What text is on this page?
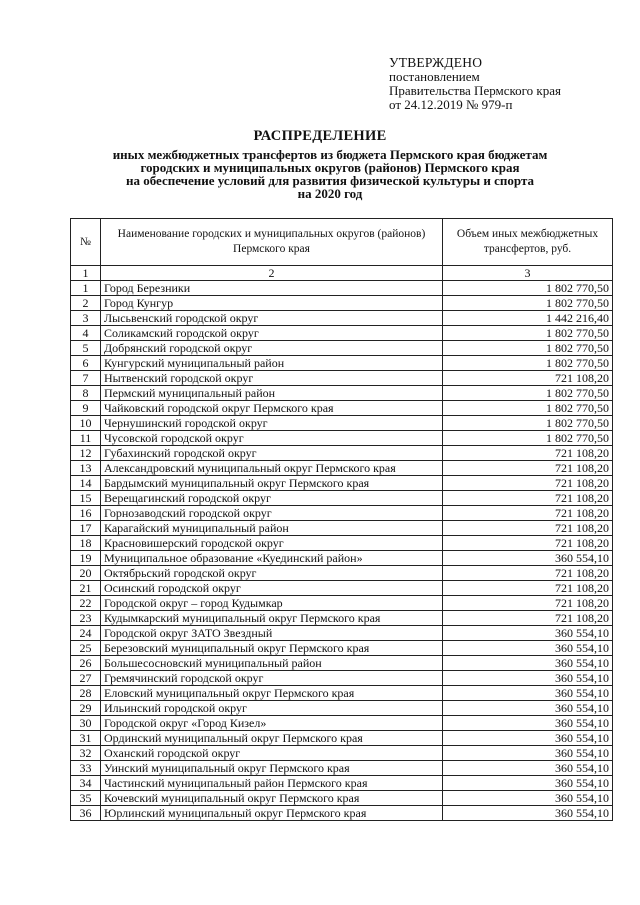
УТВЕРЖДЕНО
постановлением
Правительства Пермского края
от 24.12.2019 № 979-п
РАСПРЕДЕЛЕНИЕ
иных межбюджетных трансфертов из бюджета Пермского края бюджетам
городских и муниципальных округов (районов) Пермского края
на обеспечение условий для развития физической культуры и спорта
на 2020 год
№	Наименование городских и муниципальных округов (районов) Пермского края	Объем иных межбюджетных трансфертов, руб.
1	2	3
1	Город Березники	1 802 770,50
2	Город Кунгур	1 802 770,50
3	Лысьвенский городской округ	1 442 216,40
4	Соликамский городской округ	1 802 770,50
5	Добрянский городской округ	1 802 770,50
6	Кунгурский муниципальный район	1 802 770,50
7	Нытвенский городской округ	721 108,20
8	Пермский муниципальный район	1 802 770,50
9	Чайковский городской округ Пермского края	1 802 770,50
10	Чернушинский городской округ	1 802 770,50
11	Чусовской городской округ	1 802 770,50
12	Губахинский городской округ	721 108,20
13	Александровский муниципальный округ Пермского края	721 108,20
14	Бардымский муниципальный округ Пермского края	721 108,20
15	Верещагинский городской округ	721 108,20
16	Горнозаводский городской округ	721 108,20
17	Карагайский муниципальный район	721 108,20
18	Красновишерский городской округ	721 108,20
19	Муниципальное образование «Куединский район»	360 554,10
20	Октябрьский городской округ	721 108,20
21	Осинский городской округ	721 108,20
22	Городской округ – город Кудымкар	721 108,20
23	Кудымкарский муниципальный округ Пермского края	721 108,20
24	Городской округ ЗАТО Звездный	360 554,10
25	Березовский муниципальный округ Пермского края	360 554,10
26	Большесосновский муниципальный район	360 554,10
27	Гремячинский городской округ	360 554,10
28	Еловский муниципальный округ Пермского края	360 554,10
29	Ильинский городской округ	360 554,10
30	Городской округ «Город Кизел»	360 554,10
31	Ординский муниципальный округ Пермского края	360 554,10
32	Оханский городской округ	360 554,10
33	Уинский муниципальный округ Пермского края	360 554,10
34	Частинский муниципальный район Пермского края	360 554,10
35	Кочевский муниципальный округ Пермского края	360 554,10
36	Юрлинский муниципальный округ Пермского края	360 554,10
